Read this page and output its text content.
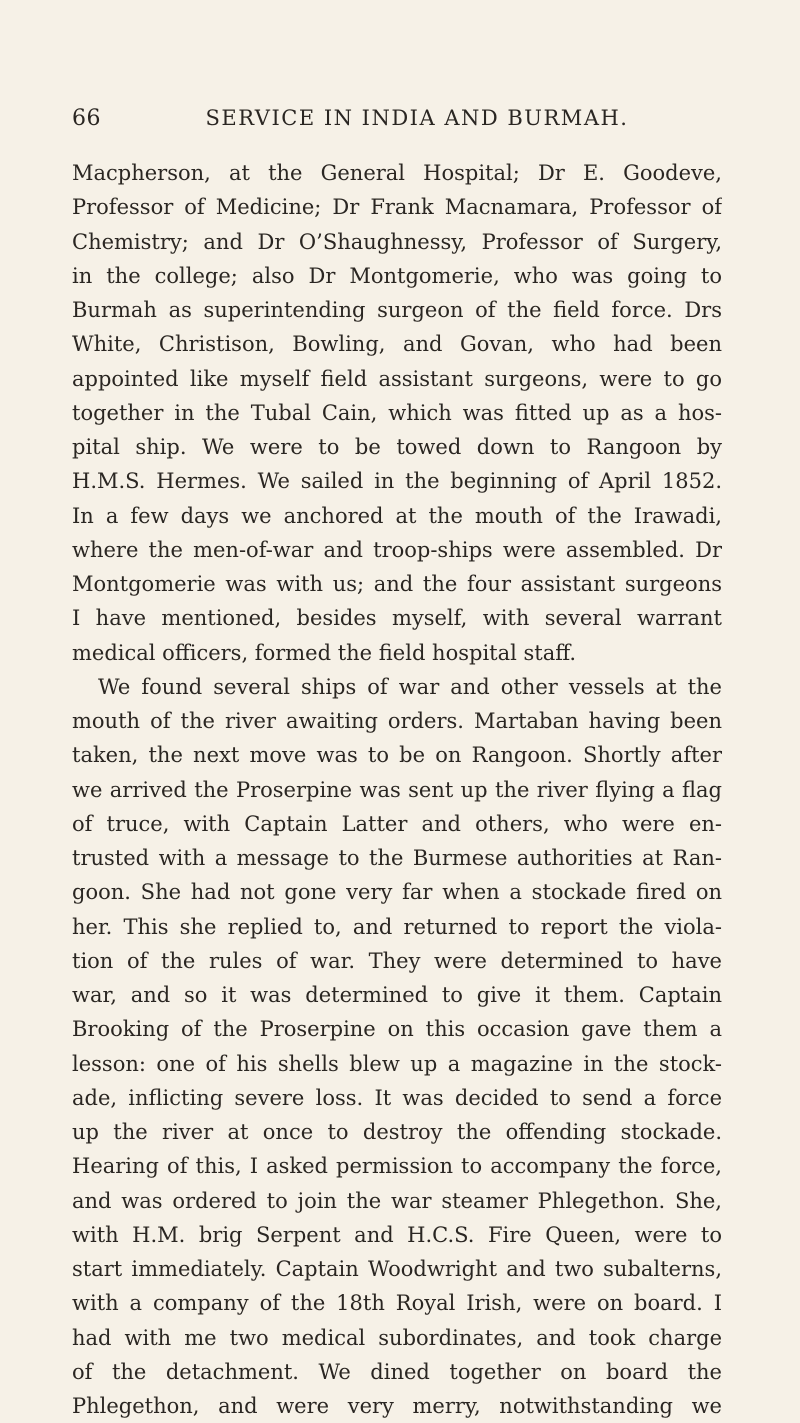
66	SERVICE IN INDIA AND BURMAH.
Macpherson, at the General Hospital; Dr E. Goodeve,
Professor of Medicine; Dr Frank Macnamara, Professor of
Chemistry; and Dr O’Shaughnessy, Professor of Surgery,
in the college; also Dr Montgomerie, who was going to
Burmah as superintending surgeon of the field force. Drs
White, Christison, Bowling, and Govan, who had been
appointed like myself field assistant surgeons, were to go
together in the Tubal Cain, which was fitted up as a hos-
pital ship. We were to be towed down to Rangoon by
H.M.S. Hermes. We sailed in the beginning of April 1852.
In a few days we anchored at the mouth of the Irawadi,
where the men-of-war and troop-ships were assembled. Dr
Montgomerie was with us; and the four assistant surgeons
I have mentioned, besides myself, with several warrant
medical officers, formed the field hospital staff.
We found several ships of war and other vessels at the
mouth of the river awaiting orders. Martaban having been
taken, the next move was to be on Rangoon. Shortly after
we arrived the Proserpine was sent up the river flying a flag
of truce, with Captain Latter and others, who were en-
trusted with a message to the Burmese authorities at Ran-
goon. She had not gone very far when a stockade fired on
her. This she replied to, and returned to report the viola-
tion of the rules of war. They were determined to have
war, and so it was determined to give it them. Captain
Brooking of the Proserpine on this occasion gave them a
lesson: one of his shells blew up a magazine in the stock-
ade, inflicting severe loss. It was decided to send a force
up the river at once to destroy the offending stockade.
Hearing of this, I asked permission to accompany the force,
and was ordered to join the war steamer Phlegethon. She,
with H.M. brig Serpent and H.C.S. Fire Queen, were to
start immediately. Captain Woodwright and two subalterns,
with a company of the 18th Royal Irish, were on board. I
had with me two medical subordinates, and took charge
of the detachment. We dined together on board the
Phlegethon, and were very merry, notwithstanding we
